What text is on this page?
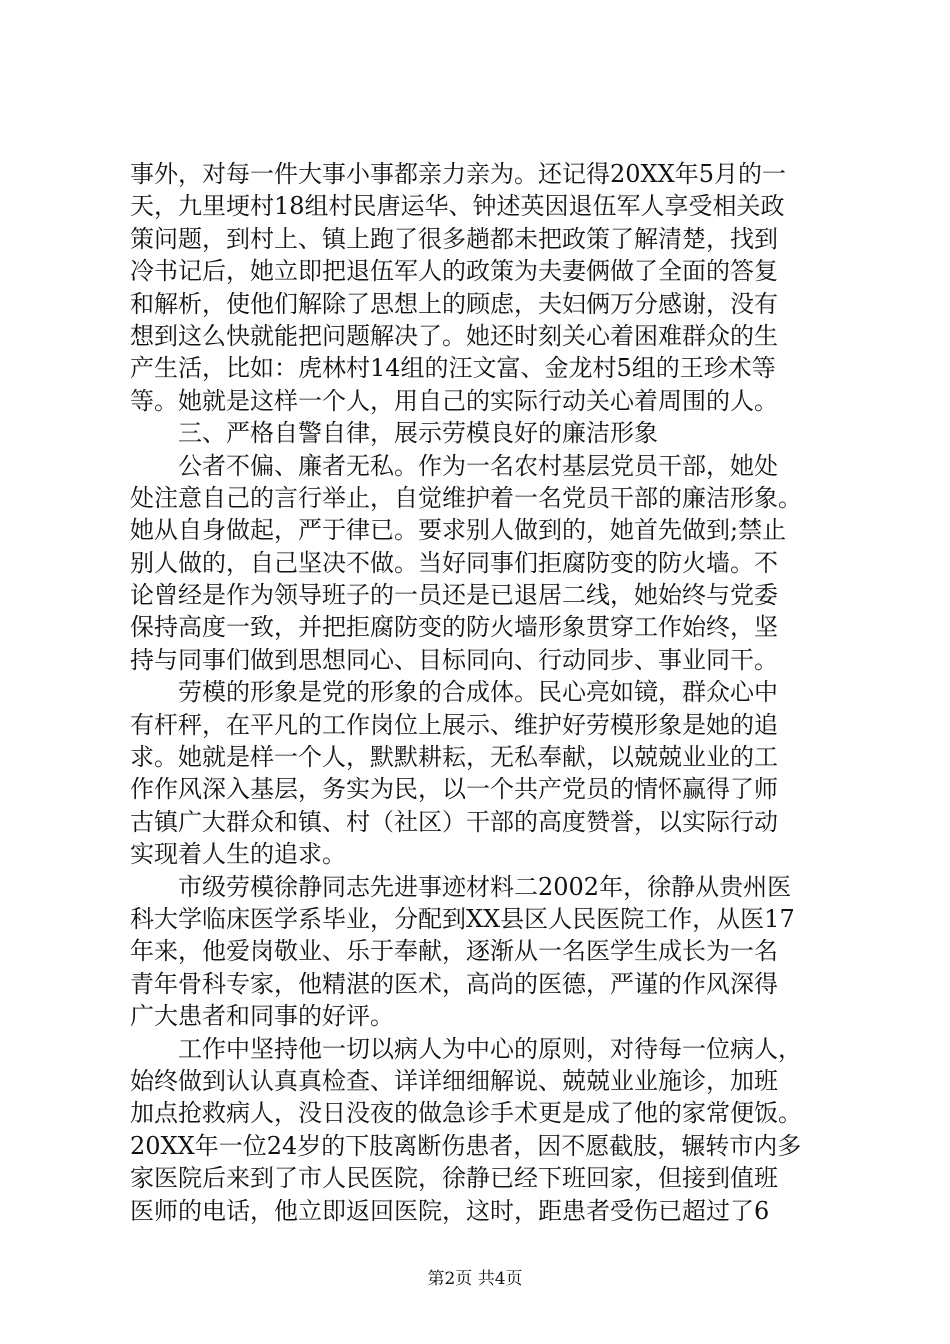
事外，对每一件大事小事都亲力亲为。还记得20XX年5月的一
天，九里埂村18组村民唐运华、钟述英因退伍军人享受相关政
策问题，到村上、镇上跑了很多趟都未把政策了解清楚，找到
冷书记后，她立即把退伍军人的政策为夫妻俩做了全面的答复
和解析，使他们解除了思想上的顾虑，夫妇俩万分感谢，没有
想到这么快就能把问题解决了。她还时刻关心着困难群众的生
产生活，比如：虎林村14组的汪文富、金龙村5组的王珍术等
等。她就是这样一个人，用自己的实际行动关心着周围的人。
三、严格自警自律，展示劳模良好的廉洁形象
公者不偏、廉者无私。作为一名农村基层党员干部，她处
处注意自己的言行举止，自觉维护着一名党员干部的廉洁形象。
她从自身做起，严于律已。要求别人做到的，她首先做到;禁止
别人做的，自己坚决不做。当好同事们拒腐防变的防火墙。不
论曾经是作为领导班子的一员还是已退居二线，她始终与党委
保持高度一致，并把拒腐防变的防火墙形象贯穿工作始终，坚
持与同事们做到思想同心、目标同向、行动同步、事业同干。
劳模的形象是党的形象的合成体。民心亮如镜，群众心中
有杆秤，在平凡的工作岗位上展示、维护好劳模形象是她的追
求。她就是样一个人，默默耕耘，无私奉献，以兢兢业业的工
作作风深入基层，务实为民，以一个共产党员的情怀赢得了师
古镇广大群众和镇、村（社区）干部的高度赞誉，以实际行动
实现着人生的追求。
市级劳模徐静同志先进事迹材料二2002年，徐静从贵州医
科大学临床医学系毕业，分配到XX县区人民医院工作，从医17
年来，他爱岗敬业、乐于奉献，逐渐从一名医学生成长为一名
青年骨科专家，他精湛的医术，高尚的医德，严谨的作风深得
广大患者和同事的好评。
工作中坚持他一切以病人为中心的原则，对待每一位病人，
始终做到认认真真检查、详详细细解说、兢兢业业施诊，加班
加点抢救病人，没日没夜的做急诊手术更是成了他的家常便饭。
20XX年一位24岁的下肢离断伤患者，因不愿截肢，辗转市内多
家医院后来到了市人民医院，徐静已经下班回家，但接到值班
医师的电话，他立即返回医院，这时，距患者受伤已超过了6
第2页 共4页
